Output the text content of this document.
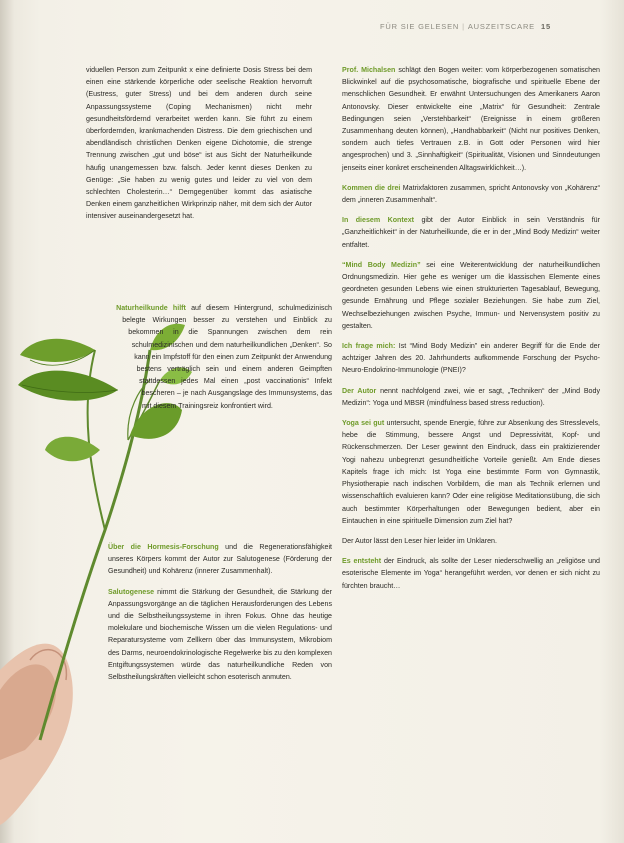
FÜR SIE GELESEN | AUSZEITSCARE 15

viduellen Person zum Zeitpunkt x eine definierte Dosis Stress bei dem einen eine stärkende körperliche oder seelische Reaktion hervorruft (Eustress, guter Stress) und bei dem anderen durch seine Anpassungssysteme (Coping Mechanismen) nicht mehr gesundheitsfördernd verarbeitet werden kann. Sie führt zu einem überfordernden, krankmachenden Distress. Die dem griechischen und abendländisch christlichen Denken eigene Dichotomie, die strenge Trennung zwischen „gut und böse“ ist aus Sicht der Naturheilkunde häufig unangemessen bzw. falsch. Jeder kennt dieses Denken zu Genüge: „Sie haben zu wenig gutes und leider zu viel von dem schlechten Cholesterin…“ Demgegenüber kommt das asiatische Denken einem ganzheitlichen Wirkprinzip näher, mit dem sich der Autor intensiver auseinandergesetzt hat.

Naturheilkunde hilft auf diesem Hintergrund, schulmedizinisch belegte Wirkungen besser zu verstehen und Einblick zu bekommen in die Spannungen zwischen dem rein schulmedizinischen und dem naturheilkundlichen „Denken“. So kann ein Impfstoff für den einen zum Zeitpunkt der Anwendung bestens verträglich sein und einem anderen Geimpften stattdessen jedes Mal einen „post vaccinationis“ Infekt bescheren – je nach Ausgangslage des Immunsystems, das mit diesem Trainingsreiz konfrontiert wird.

Über die Hormesis-Forschung und die Regenerationsfähigkeit unseres Körpers kommt der Autor zur Salutogenese (Förderung der Gesundheit) und Kohärenz (innerer Zusammenhalt).

Salutogenese nimmt die Stärkung der Gesundheit, die Stärkung der Anpassungsvorgänge an die täglichen Herausforderungen des Lebens und die Selbstheilungssysteme in ihren Fokus. Ohne das heutige molekulare und biochemische Wissen um die vielen Regulations- und Reparatursysteme vom Zellkern über das Immunsystem, Mikrobiom des Darms, neuroendokrinologische Regelwerke bis zu den komplexen Entgiftungssystemen würde das naturheilkundliche Reden von Selbstheilungskräften vielleicht schon esoterisch anmuten.

Prof. Michalsen schlägt den Bogen weiter: vom körperbezogenen somatischen Blickwinkel auf die psychosomatische, biografische und spirituelle Ebene der menschlichen Gesundheit. Er erwähnt Untersuchungen des Amerikaners Aaron Antonovsky. Dieser entwickelte eine „Matrix“ für Gesundheit: Zentrale Bedingungen seien „Verstehbarkeit“ (Ereignisse in einem größeren Zusammenhang deuten können), „Handhabbarkeit“ (Nicht nur positives Denken, sondern auch tiefes Vertrauen z.B. in Gott oder Personen wird hier angesprochen) und 3. „Sinnhaftigkeit“ (Spiritualität, Visionen und Sinndeutungen jenseits einer konkret erscheinenden Alltagswirklichkeit…).

Kommen die drei Matrixfaktoren zusammen, spricht Antonovsky von „Kohärenz“ dem „inneren Zusammenhalt“.

In diesem Kontext gibt der Autor Einblick in sein Verständnis für „Ganzheitlichkeit“ in der Naturheilkunde, die er in der „Mind Body Medizin“ weiter entfaltet.

“Mind Body Medizin” sei eine Weiterentwicklung der naturheilkundlichen Ordnungsmedizin. Hier gehe es weniger um die klassischen Elemente eines geordneten gesunden Lebens wie einen strukturierten Tagesablauf, Bewegung, gesunde Ernährung und Pflege sozialer Beziehungen. Sie habe zum Ziel, Wechselbeziehungen zwischen Psyche, Immun- und Nervensystem positiv zu gestalten.

Ich frage mich: Ist “Mind Body Medizin” ein anderer Begriff für die Ende der achtziger Jahren des 20. Jahrhunderts aufkommende Forschung der Psycho-Neuro-Endokrino-Immunologie (PNEI)?

Der Autor nennt nachfolgend zwei, wie er sagt, „Techniken“ der „Mind Body Medizin“: Yoga und MBSR (mindfulness based stress reduction).

Yoga sei gut untersucht, spende Energie, führe zur Absenkung des Stresslevels, hebe die Stimmung, bessere Angst und Depressivität, Kopf- und Rückenschmerzen. Der Leser gewinnt den Eindruck, dass ein praktizierender Yogi nahezu unbegrenzt gesundheitliche Vorteile genießt. Am Ende dieses Kapitels frage ich mich: Ist Yoga eine bestimmte Form von Gymnastik, Physiotherapie nach indischen Vorbildern, die man als Technik erlernen und wissenschaftlich evaluieren kann? Oder eine religiöse Meditationsübung, die sich auch bestimmter Körperhaltungen oder Bewegungen bedient, aber ein Eintauchen in eine spirituelle Dimension zum Ziel hat?

Der Autor lässt den Leser hier leider im Unklaren.

Es entsteht der Eindruck, als sollte der Leser niederschwellig an „religiöse und esoterische Elemente im Yoga“ herangeführt werden, vor denen er sich nicht zu fürchten braucht…
